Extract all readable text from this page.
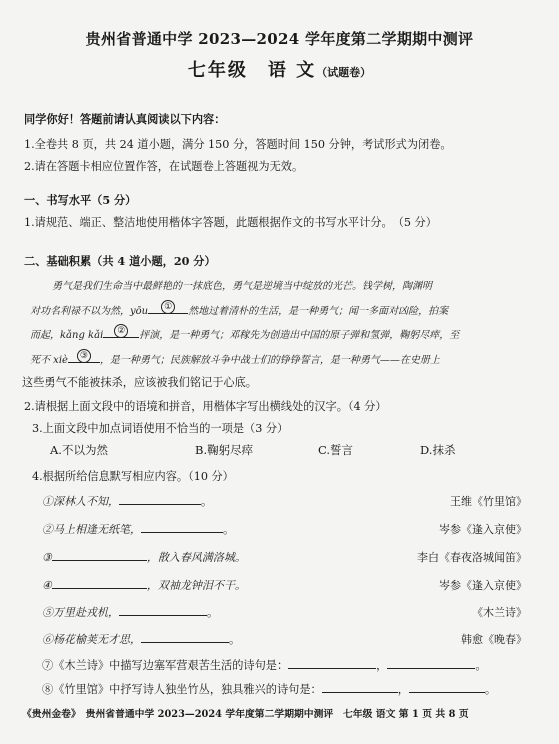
贵州省普通中学 2023—2024 学年度第二学期期中测评
七年级　语 文（试题卷）
同学你好！答题前请认真阅读以下内容：
1.全卷共 8 页，共 24 道小题，满分 150 分，答题时间 150 分钟，考试形式为闭卷。
2.请在答题卡相应位置作答，在试题卷上答题视为无效。
一、书写水平（5 分）
1.请规范、端正、整洁地使用楷体字答题，此题根据作文的书写水平计分。　（5 分）
二、基础积累（共 4 道小题，20 分）
勇气是我们生命当中最鲜艳的一抹底色，勇气是逆境当中绽放的光芒。钱学树，陶渊明
对功名利禄不以为然，yōu	① 然地过着清朴的生活，是一种勇气；闻一多面对凶险，拍案
而起，kǎng kǎi	② 抨演，是一种勇气；邓稼先为创造出中国的原子弹和氢弹，鞠躬尽瘁，至
死不 xiè	③ ，是一种勇气；民族解放斗争中战士们的铮铮誓言，是一种勇气——在史册上
这些勇气不能被抹杀，应该被我们铭记于心底。
2.请根据上面文段中的语境和拼音，用楷体字写出横线处的汉字。（4 分）
3.上面文段中加点词语使用不恰当的一项是（3 分）
A.不以为然	B.鞠躬尽瘁	C.誓言	D.抹杀
4.根据所给信息默写相应内容。（10 分）
①深林人不知，	。	王维《竹里馆》
②马上相逢无纸笔，	。	岑参《逢入京使》
③	，散入春风满洛城。	李白《春夜洛城闻笛》
④	，双袖龙钟泪不干。	岑参《逢入京使》
⑤万里赴戎机，	。	《木兰诗》
⑥杨花榆荚无才思，	。	韩愈《晚春》
⑦《木兰诗》中描写边塞军营艰苦生活的诗句是：	，	。
⑧《竹里馆》中抒写诗人独坐竹丛，独具雅兴的诗句是：	，	。
《贵州金卷》　贵州省普通中学 2023—2024 学年度第二学期期中测评　七年级 语文 第 1 页 共 8 页
